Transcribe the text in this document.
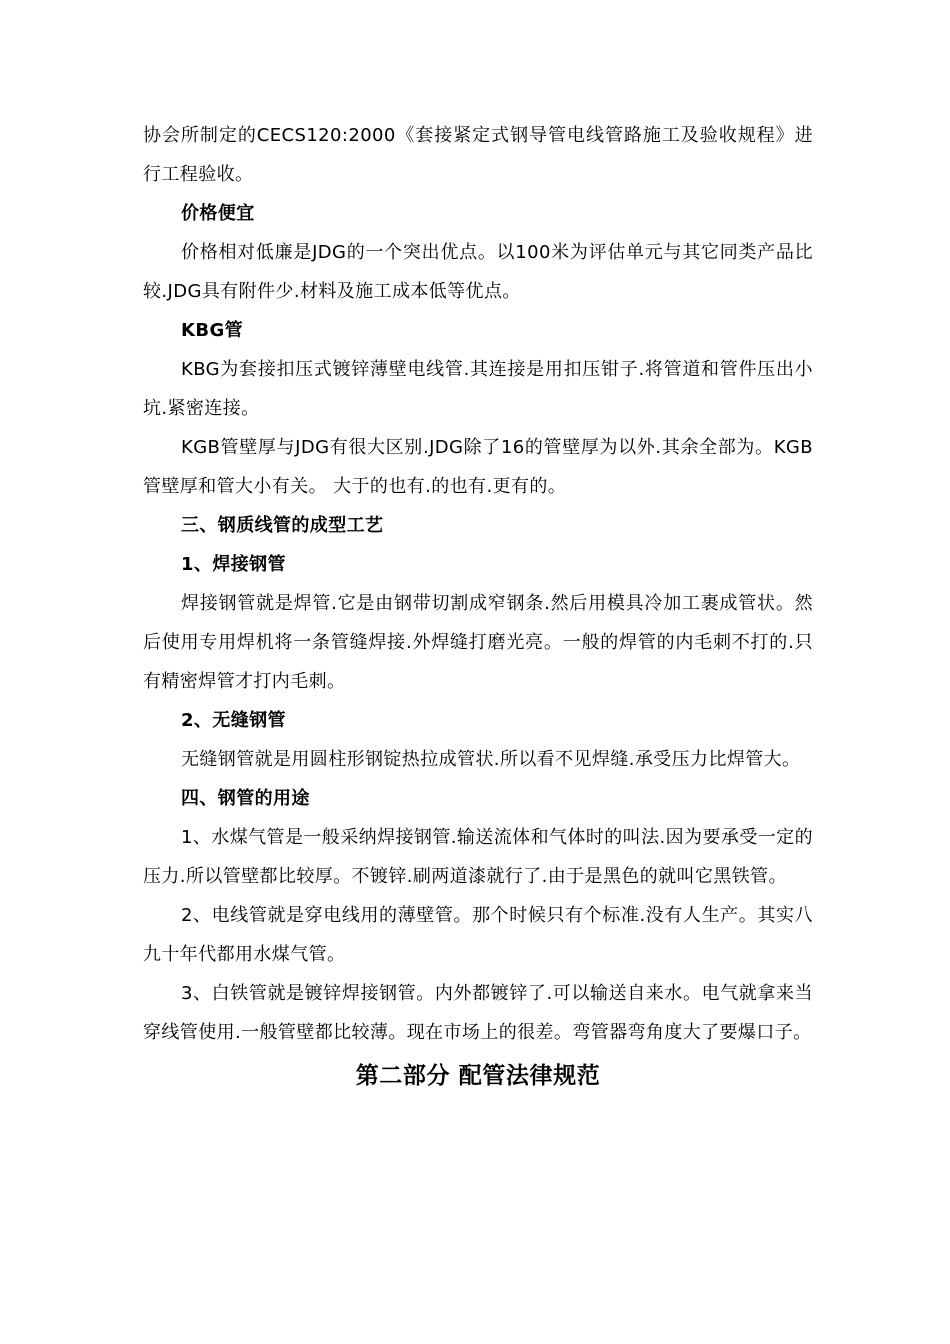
协会所制定的CECS120:2000《套接紧定式钢导管电线管路施工及验收规程》进行工程验收。

价格便宜

价格相对低廉是JDG的一个突出优点。以100米为评估单元与其它同类产品比较.JDG具有附件少.材料及施工成本低等优点。

KBG管

KBG为套接扣压式镀锌薄壁电线管.其连接是用扣压钳子.将管道和管件压出小坑.紧密连接。

KGB管壁厚与JDG有很大区别.JDG除了16的管壁厚为以外.其余全部为。KGB管壁厚和管大小有关。 大于的也有.的也有.更有的。

三、钢质线管的成型工艺

1、焊接钢管

焊接钢管就是焊管.它是由钢带切割成窄钢条.然后用模具冷加工裹成管状。然后使用专用焊机将一条管缝焊接.外焊缝打磨光亮。一般的焊管的内毛刺不打的.只有精密焊管才打内毛刺。

2、无缝钢管

无缝钢管就是用圆柱形钢锭热拉成管状.所以看不见焊缝.承受压力比焊管大。

四、钢管的用途

1、水煤气管是一般采纳焊接钢管.输送流体和气体时的叫法.因为要承受一定的压力.所以管壁都比较厚。不镀锌.刷两道漆就行了.由于是黑色的就叫它黑铁管。

2、电线管就是穿电线用的薄壁管。那个时候只有个标准.没有人生产。其实八九十年代都用水煤气管。

3、白铁管就是镀锌焊接钢管。内外都镀锌了.可以输送自来水。电气就拿来当穿线管使用.一般管壁都比较薄。现在市场上的很差。弯管器弯角度大了要爆口子。

第二部分 配管法律规范
